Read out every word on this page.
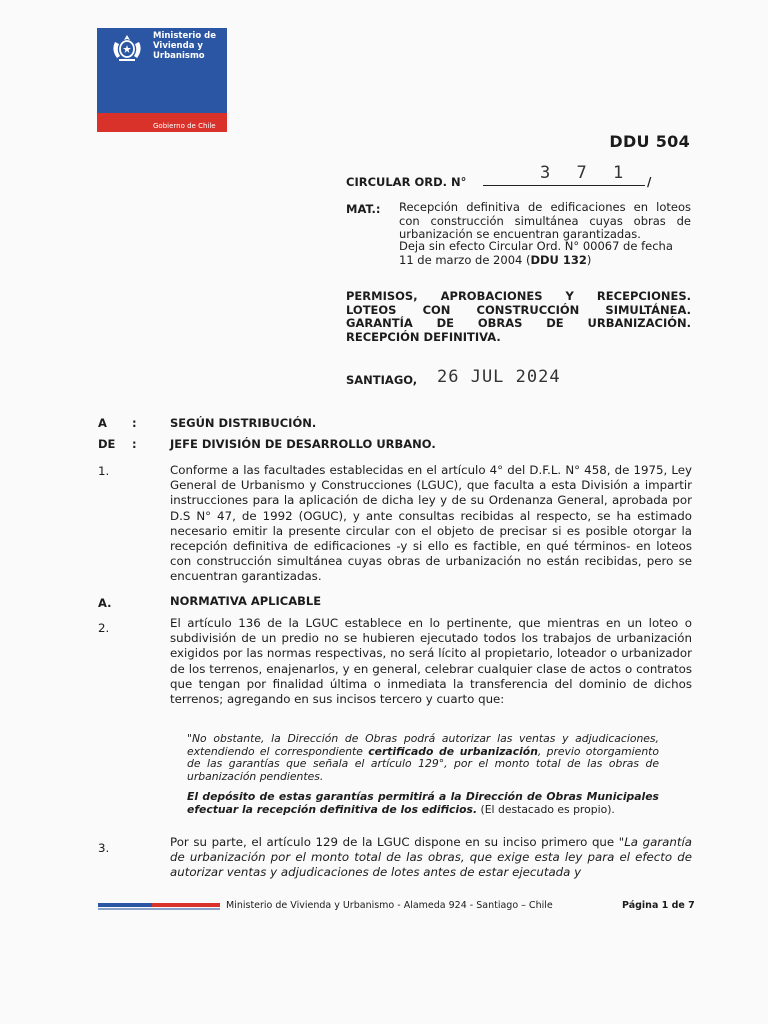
Ministerio de
Vivienda y
Urbanismo
Gobierno de Chile
DDU 504
CIRCULAR ORD. N°	3 7 1 /
MAT.: Recepción definitiva de edificaciones en loteos con construcción simultánea cuyas obras de urbanización se encuentran garantizadas.
Deja sin efecto Circular Ord. N° 00067 de fecha 11 de marzo de 2004 (DDU 132)
PERMISOS, APROBACIONES Y RECEPCIONES.
LOTEOS CON CONSTRUCCIÓN SIMULTÁNEA.
GARANTÍA DE OBRAS DE URBANIZACIÓN.
RECEPCIÓN DEFINITIVA.
SANTIAGO, 26 JUL 2024
A :	SEGÚN DISTRIBUCIÓN.
DE :	JEFE DIVISIÓN DE DESARROLLO URBANO.
1.	Conforme a las facultades establecidas en el artículo 4° del D.F.L. N° 458, de 1975, Ley General de Urbanismo y Construcciones (LGUC), que faculta a esta División a impartir instrucciones para la aplicación de dicha ley y de su Ordenanza General, aprobada por D.S N° 47, de 1992 (OGUC), y ante consultas recibidas al respecto, se ha estimado necesario emitir la presente circular con el objeto de precisar si es posible otorgar la recepción definitiva de edificaciones -y si ello es factible, en qué términos- en loteos con construcción simultánea cuyas obras de urbanización no están recibidas, pero se encuentran garantizadas.
A.	NORMATIVA APLICABLE
2.	El artículo 136 de la LGUC establece en lo pertinente, que mientras en un loteo o subdivisión de un predio no se hubieren ejecutado todos los trabajos de urbanización exigidos por las normas respectivas, no será lícito al propietario, loteador o urbanizador de los terrenos, enajenarlos, y en general, celebrar cualquier clase de actos o contratos que tengan por finalidad última o inmediata la transferencia del dominio de dichos terrenos; agregando en sus incisos tercero y cuarto que:
"No obstante, la Dirección de Obras podrá autorizar las ventas y adjudicaciones, extendiendo el correspondiente certificado de urbanización, previo otorgamiento de las garantías que señala el artículo 129°, por el monto total de las obras de urbanización pendientes.
El depósito de estas garantías permitirá a la Dirección de Obras Municipales efectuar la recepción definitiva de los edificios. (El destacado es propio).
3.	Por su parte, el artículo 129 de la LGUC dispone en su inciso primero que "La garantía de urbanización por el monto total de las obras, que exige esta ley para el efecto de autorizar ventas y adjudicaciones de lotes antes de estar ejecutada y
Ministerio de Vivienda y Urbanismo - Alameda 924 - Santiago – Chile	Página 1 de 7
